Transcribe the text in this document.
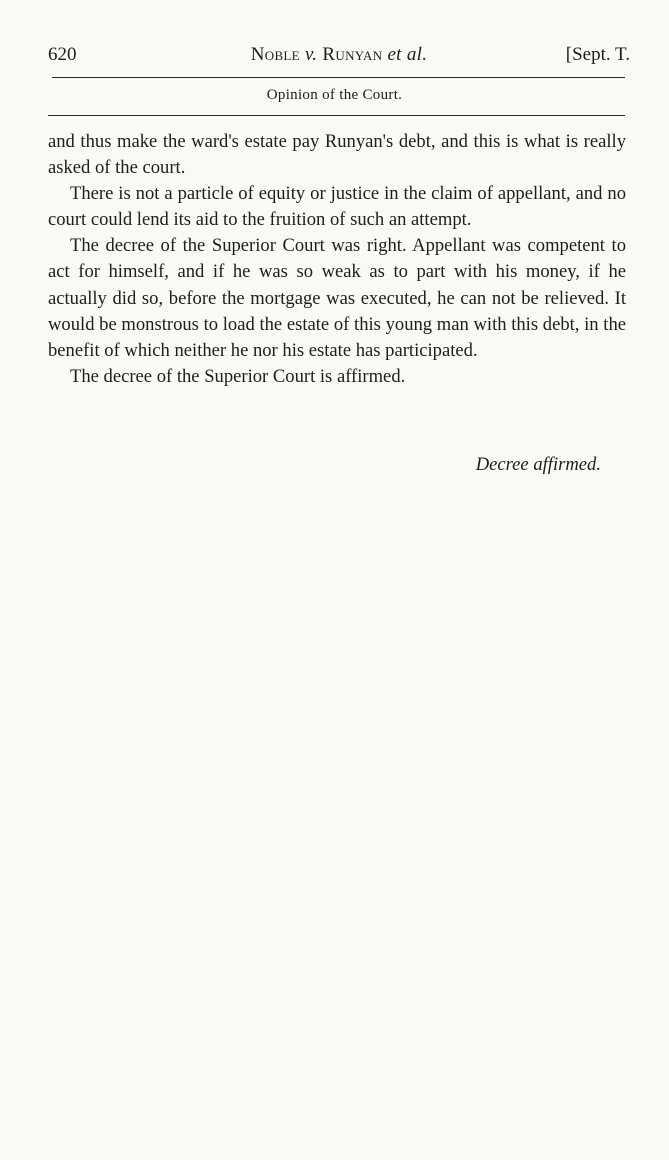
620	Noble v. Runyan et al.	[Sept. T.
Opinion of the Court.

and thus make the ward's estate pay Runyan's debt, and this is what is really asked of the court.

There is not a particle of equity or justice in the claim of appellant, and no court could lend its aid to the fruition of such an attempt.

The decree of the Superior Court was right. Appellant was competent to act for himself, and if he was so weak as to part with his money, if he actually did so, before the mortgage was executed, he can not be relieved. It would be monstrous to load the estate of this young man with this debt, in the benefit of which neither he nor his estate has participated.

The decree of the Superior Court is affirmed.

Decree affirmed.
